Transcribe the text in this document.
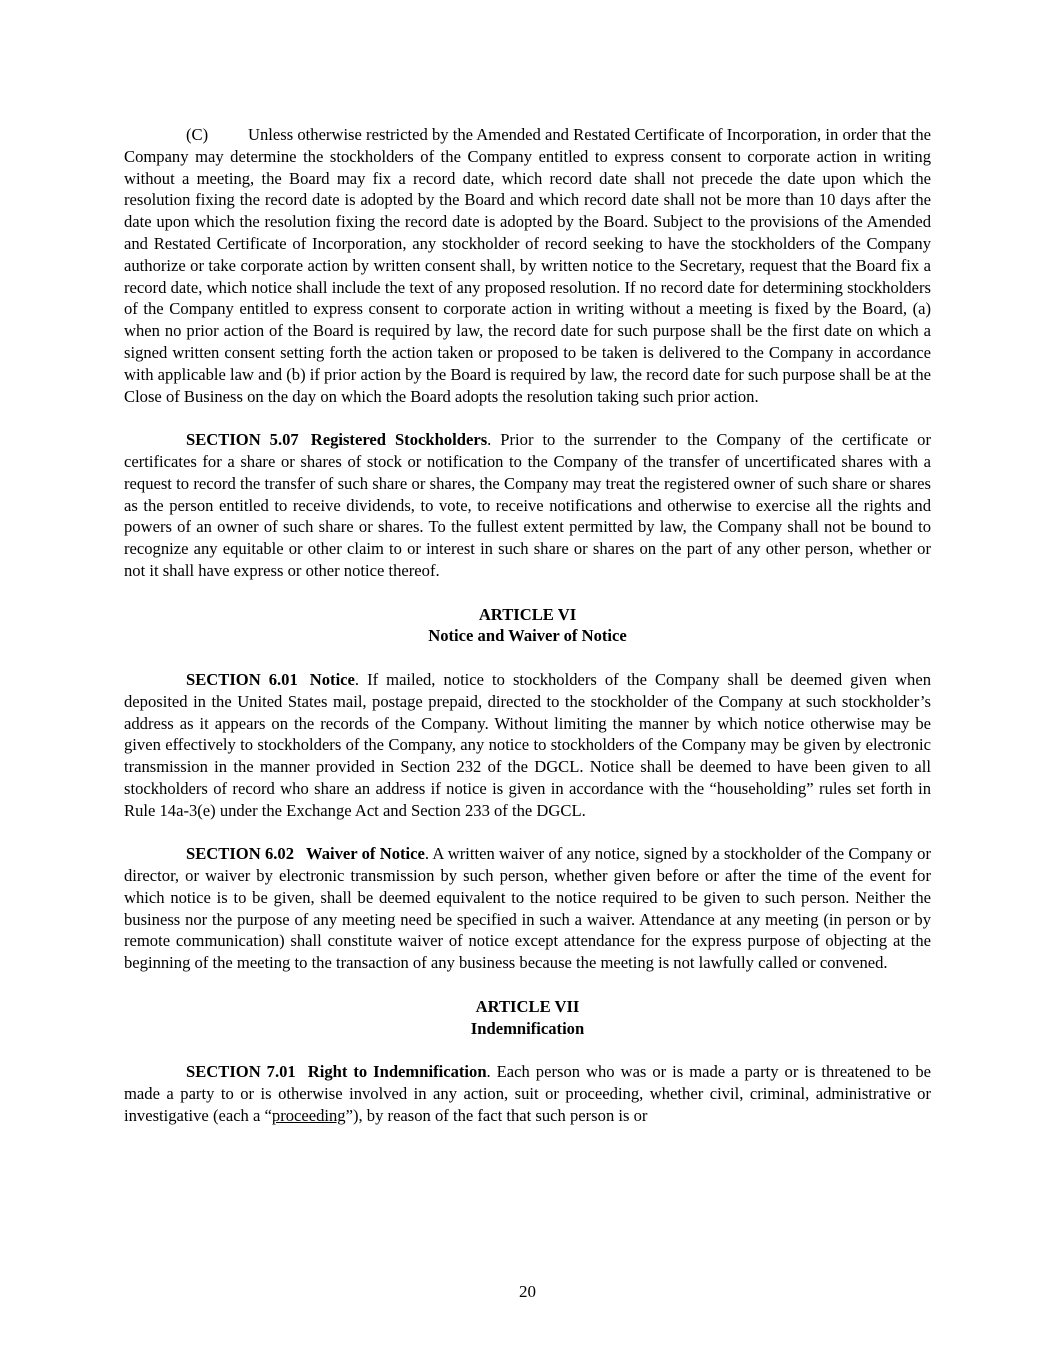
(C) Unless otherwise restricted by the Amended and Restated Certificate of Incorporation, in order that the Company may determine the stockholders of the Company entitled to express consent to corporate action in writing without a meeting, the Board may fix a record date, which record date shall not precede the date upon which the resolution fixing the record date is adopted by the Board and which record date shall not be more than 10 days after the date upon which the resolution fixing the record date is adopted by the Board. Subject to the provisions of the Amended and Restated Certificate of Incorporation, any stockholder of record seeking to have the stockholders of the Company authorize or take corporate action by written consent shall, by written notice to the Secretary, request that the Board fix a record date, which notice shall include the text of any proposed resolution. If no record date for determining stockholders of the Company entitled to express consent to corporate action in writing without a meeting is fixed by the Board, (a) when no prior action of the Board is required by law, the record date for such purpose shall be the first date on which a signed written consent setting forth the action taken or proposed to be taken is delivered to the Company in accordance with applicable law and (b) if prior action by the Board is required by law, the record date for such purpose shall be at the Close of Business on the day on which the Board adopts the resolution taking such prior action.

SECTION 5.07 Registered Stockholders. Prior to the surrender to the Company of the certificate or certificates for a share or shares of stock or notification to the Company of the transfer of uncertificated shares with a request to record the transfer of such share or shares, the Company may treat the registered owner of such share or shares as the person entitled to receive dividends, to vote, to receive notifications and otherwise to exercise all the rights and powers of an owner of such share or shares. To the fullest extent permitted by law, the Company shall not be bound to recognize any equitable or other claim to or interest in such share or shares on the part of any other person, whether or not it shall have express or other notice thereof.

ARTICLE VI
Notice and Waiver of Notice

SECTION 6.01 Notice. If mailed, notice to stockholders of the Company shall be deemed given when deposited in the United States mail, postage prepaid, directed to the stockholder of the Company at such stockholder’s address as it appears on the records of the Company. Without limiting the manner by which notice otherwise may be given effectively to stockholders of the Company, any notice to stockholders of the Company may be given by electronic transmission in the manner provided in Section 232 of the DGCL. Notice shall be deemed to have been given to all stockholders of record who share an address if notice is given in accordance with the “householding” rules set forth in Rule 14a-3(e) under the Exchange Act and Section 233 of the DGCL.

SECTION 6.02 Waiver of Notice. A written waiver of any notice, signed by a stockholder of the Company or director, or waiver by electronic transmission by such person, whether given before or after the time of the event for which notice is to be given, shall be deemed equivalent to the notice required to be given to such person. Neither the business nor the purpose of any meeting need be specified in such a waiver. Attendance at any meeting (in person or by remote communication) shall constitute waiver of notice except attendance for the express purpose of objecting at the beginning of the meeting to the transaction of any business because the meeting is not lawfully called or convened.

ARTICLE VII
Indemnification

SECTION 7.01 Right to Indemnification. Each person who was or is made a party or is threatened to be made a party to or is otherwise involved in any action, suit or proceeding, whether civil, criminal, administrative or investigative (each a “proceeding”), by reason of the fact that such person is or

20
